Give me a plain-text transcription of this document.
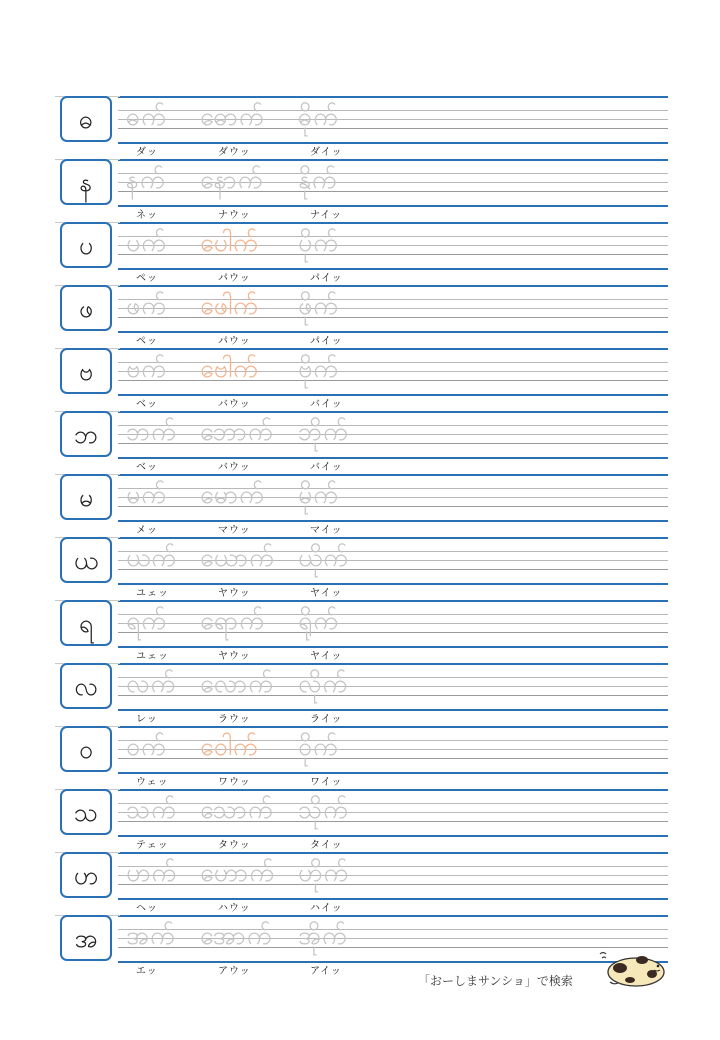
ဓ ဓက်
ダッ
ဓောက်
ダウッ
ဓိုက်
ダイッ
န နက်
ネッ
နောက်
ナウッ
နိုက်
ナイッ
ပ ပက်
ペッ
ပေါက်
パウッ
ပိုက်
パイッ
ဖ ဖက်
ペッ
ဖေါက်
パウッ
ဖိုက်
パイッ
ဗ ဗက်
ベッ
ဗေါက်
バウッ
ဗိုက်
バイッ
ဘ ဘက်
ベッ
ဘောက်
バウッ
ဘိုက်
バイッ
မ မက်
メッ
မောက်
マウッ
မိုက်
マイッ
ယ ယက်
ユェッ
ယောက်
ヤウッ
ယိုက်
ヤイッ
ရ ရက်
ユェッ
ရောက်
ヤウッ
ရိုက်
ヤイッ
လ လက်
レッ
လောက်
ラウッ
လိုက်
ライッ
ဝ ဝက်
ウェッ
ဝေါက်
ワウッ
ဝိုက်
ワイッ
သ သက်
テェッ
သောက်
タウッ
သိုက်
タイッ
ဟ ဟက်
ヘッ
ဟောက်
ハウッ
ဟိုက်
ハイッ
အ အက်
エッ
အောက်
アウッ
အိုက်
アイッ
「おーしまサンショ」で検索
